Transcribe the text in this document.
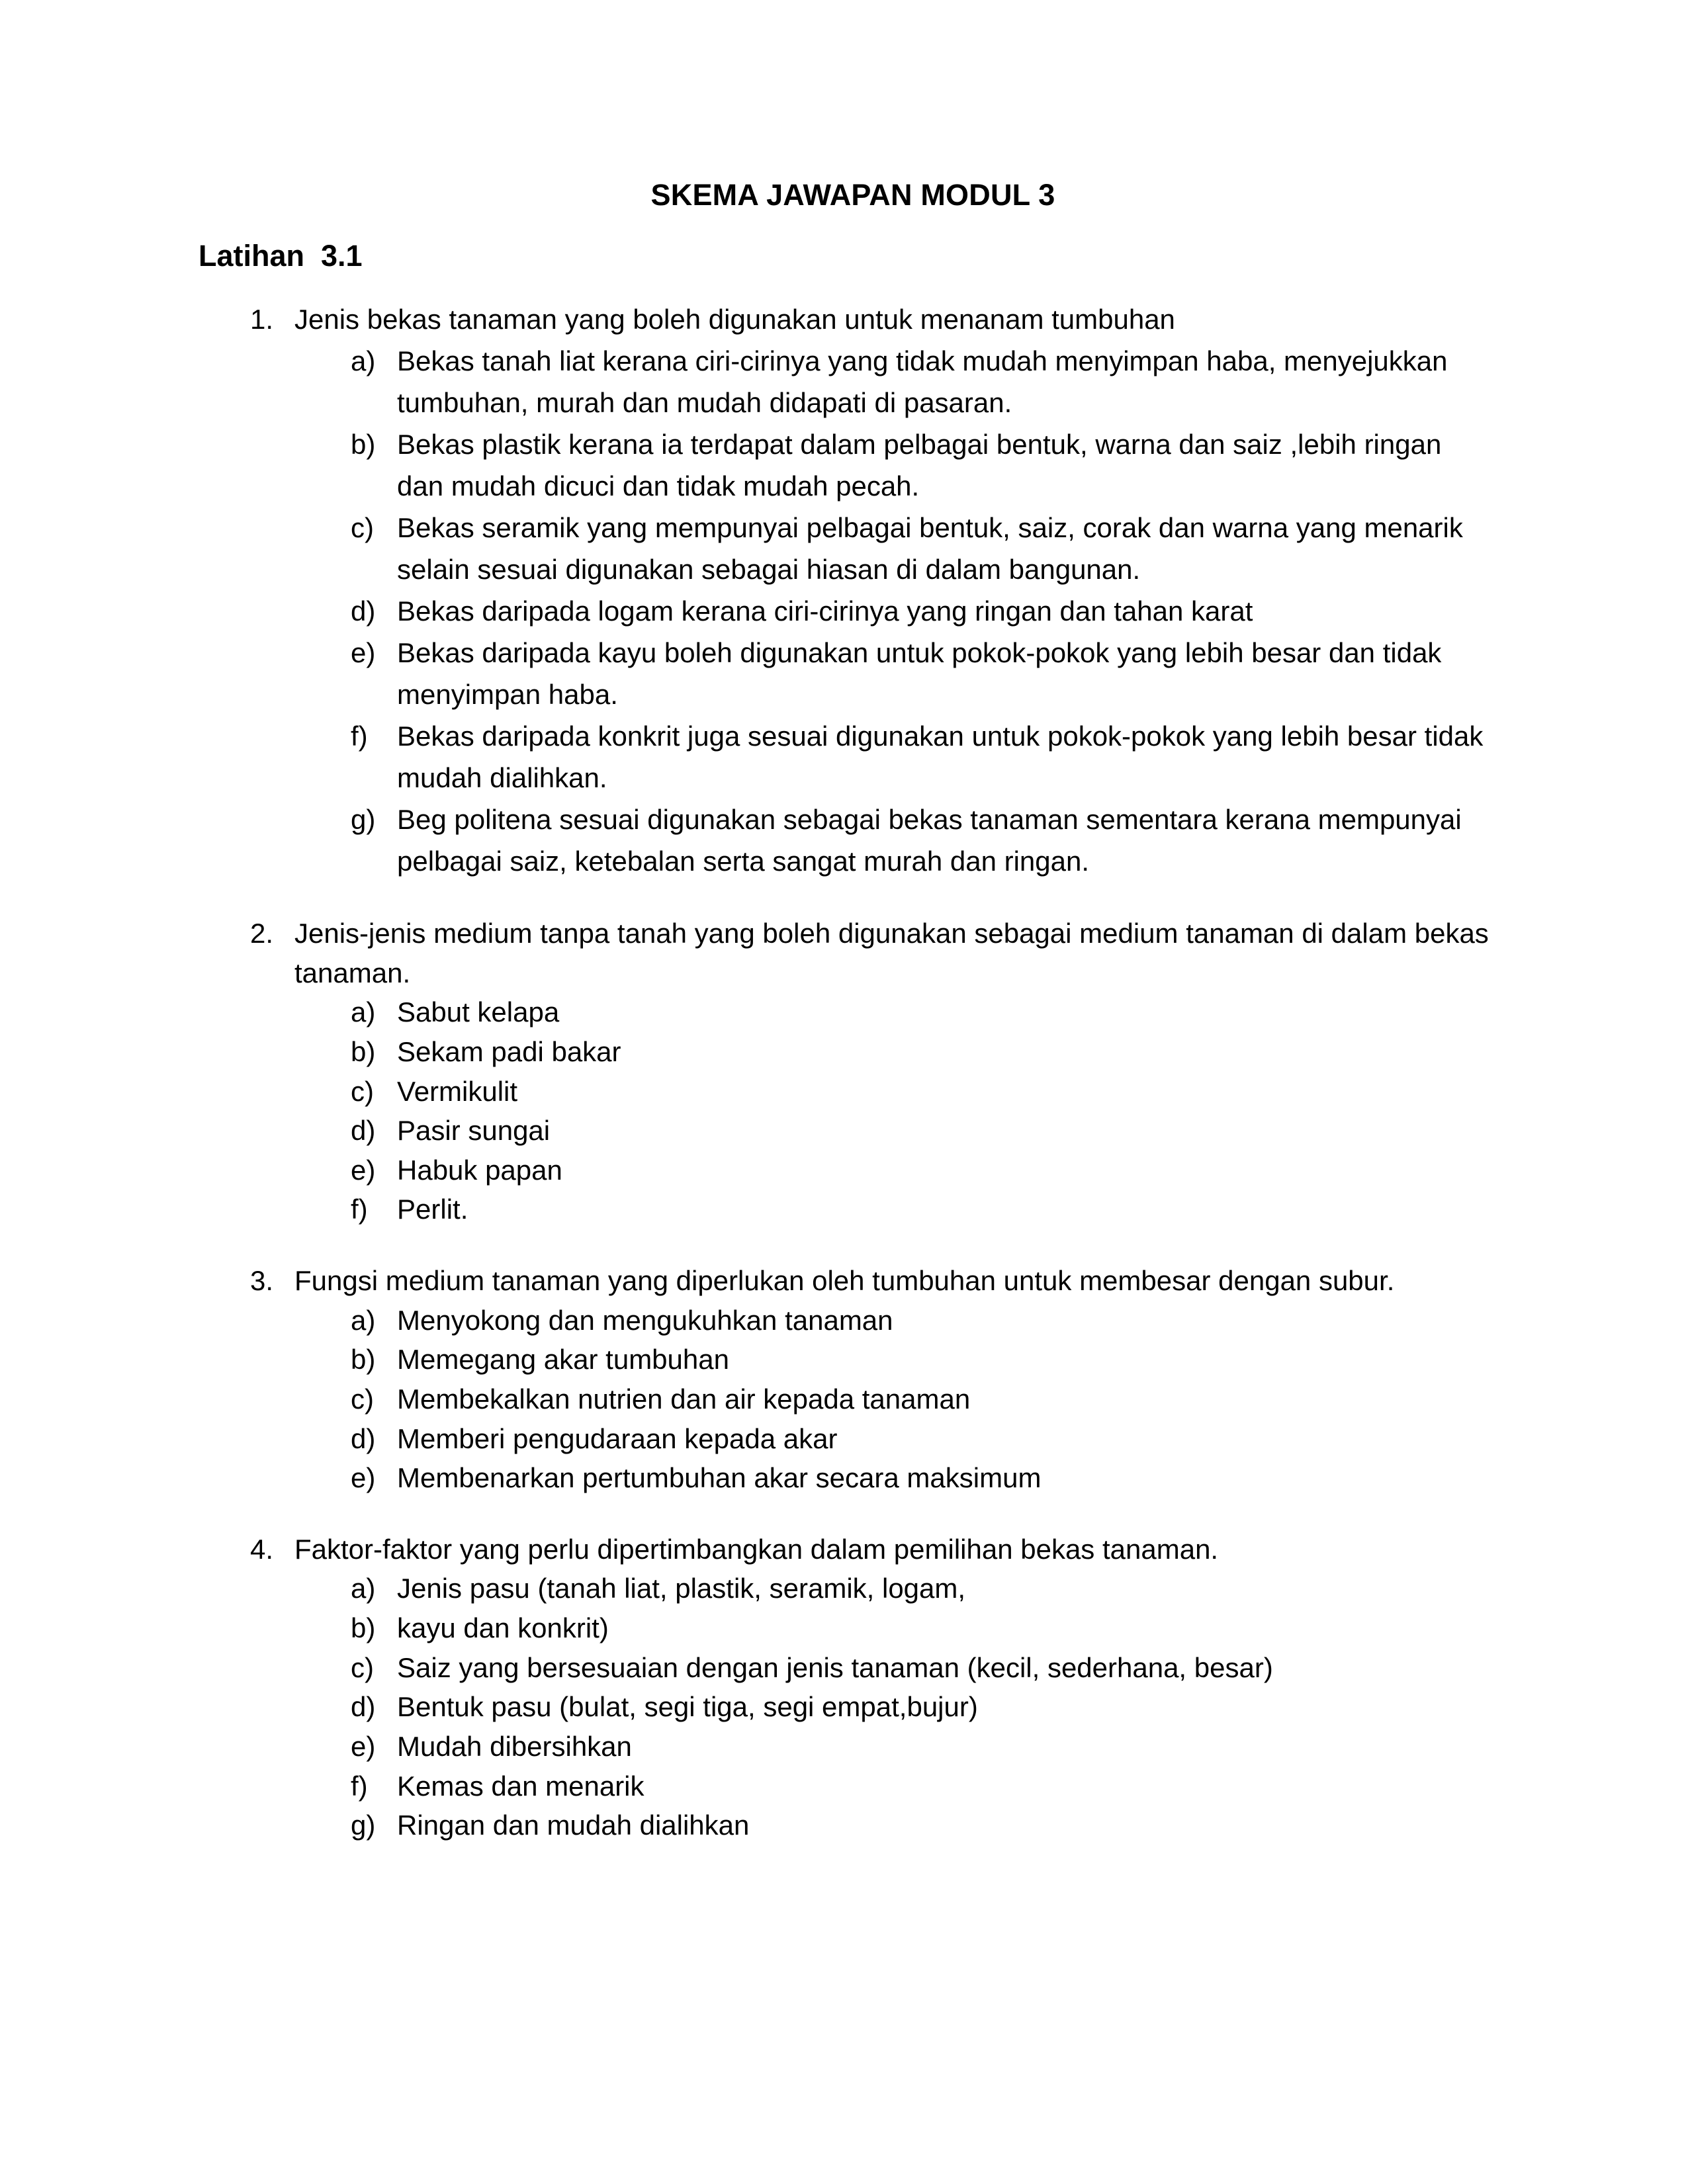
SKEMA JAWAPAN MODUL 3
Latihan  3.1

1. Jenis bekas tanaman yang boleh digunakan untuk menanam tumbuhan

a) Bekas tanah liat kerana ciri-cirinya yang tidak mudah menyimpan haba, menyejukkan tumbuhan, murah dan mudah didapati di pasaran.
b) Bekas plastik kerana ia terdapat dalam pelbagai bentuk, warna dan saiz ,lebih ringan dan mudah dicuci dan tidak mudah pecah.
c) Bekas seramik yang mempunyai pelbagai bentuk, saiz, corak dan warna yang menarik selain sesuai digunakan sebagai hiasan di dalam bangunan.
d) Bekas daripada logam kerana ciri-cirinya yang ringan dan tahan karat
e) Bekas daripada kayu boleh digunakan untuk pokok-pokok yang lebih besar dan tidak menyimpan haba.
f)	Bekas daripada konkrit juga sesuai digunakan untuk pokok-pokok yang lebih besar tidak mudah dialihkan.
g) Beg politena sesuai digunakan sebagai bekas tanaman sementara kerana mempunyai pelbagai saiz, ketebalan serta sangat murah dan ringan.

2. Jenis-jenis medium tanpa tanah yang boleh digunakan sebagai medium tanaman di dalam bekas tanaman.

a) Sabut kelapa
b) Sekam padi bakar
c) Vermikulit
d) Pasir sungai
e) Habuk papan
f)	Perlit.

3. Fungsi medium tanaman yang diperlukan oleh tumbuhan untuk membesar dengan subur.

a) Menyokong dan mengukuhkan tanaman
b) Memegang akar tumbuhan
c) Membekalkan nutrien dan air kepada tanaman
d) Memberi pengudaraan kepada akar
e) Membenarkan pertumbuhan akar secara maksimum

4. Faktor-faktor yang perlu dipertimbangkan dalam pemilihan bekas tanaman.

a) Jenis pasu (tanah liat, plastik, seramik, logam,
b) kayu dan konkrit)
c) Saiz yang bersesuaian dengan jenis tanaman (kecil, sederhana, besar)
d) Bentuk pasu (bulat, segi tiga, segi empat,bujur)
e) Mudah dibersihkan
f)	Kemas dan menarik
g) Ringan dan mudah dialihkan
